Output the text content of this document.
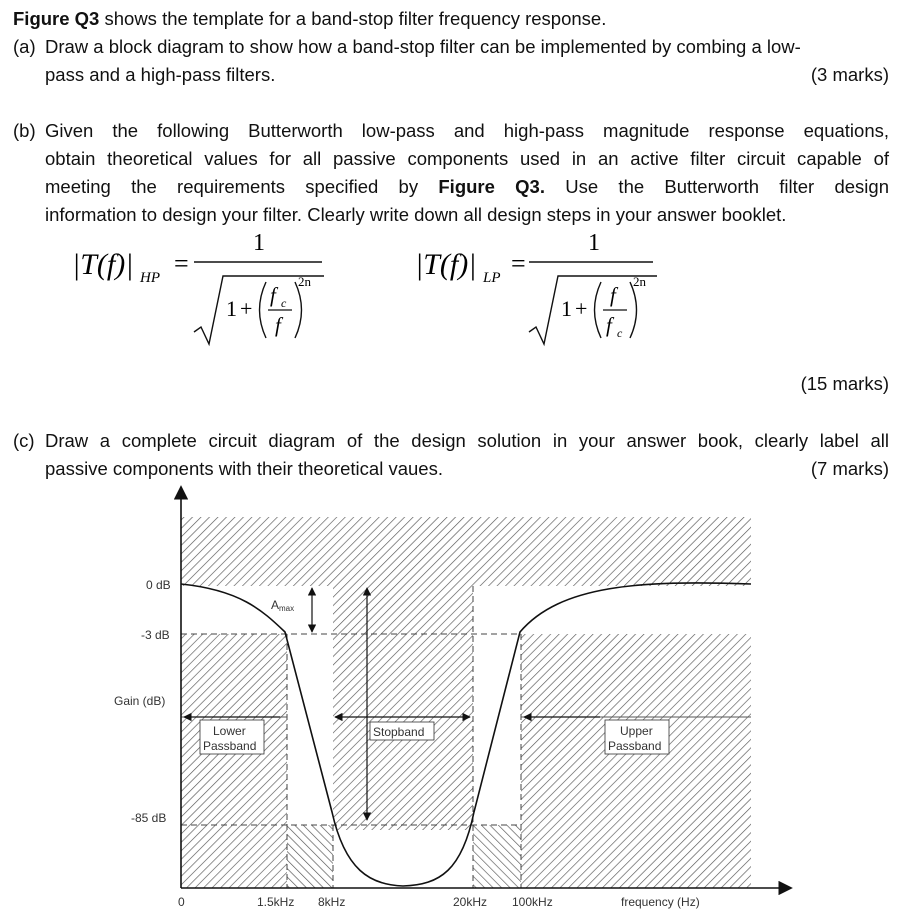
Figure Q3 shows the template for a band-stop filter frequency response.
(a) Draw a block diagram to show how a band-stop filter can be implemented by combing a low-
pass and a high-pass filters.	(3 marks)
(b) Given the following Butterworth low-pass and high-pass magnitude response equations,
obtain theoretical values for all passive components used in an active filter circuit capable of
meeting the requirements specified by Figure Q3. Use the Butterworth filter design
information to design your filter. Clearly write down all design steps in your answer booklet.
|T(f)| HP =
1
1 +
f c
f
2n
|T(f)| LP =
1
1 +
f
f c
2n
(15 marks)
(c) Draw a complete circuit diagram of the design solution in your answer book, clearly label all
passive components with their theoretical vaues.	(7 marks)
0 dB
-3 dB
Gain (dB)
-85 dB
0	1.5kHz 8kHz	20kHz 100kHz	frequency (Hz)
Amax
Lower
Passband
Stopband	Upper
Passband
